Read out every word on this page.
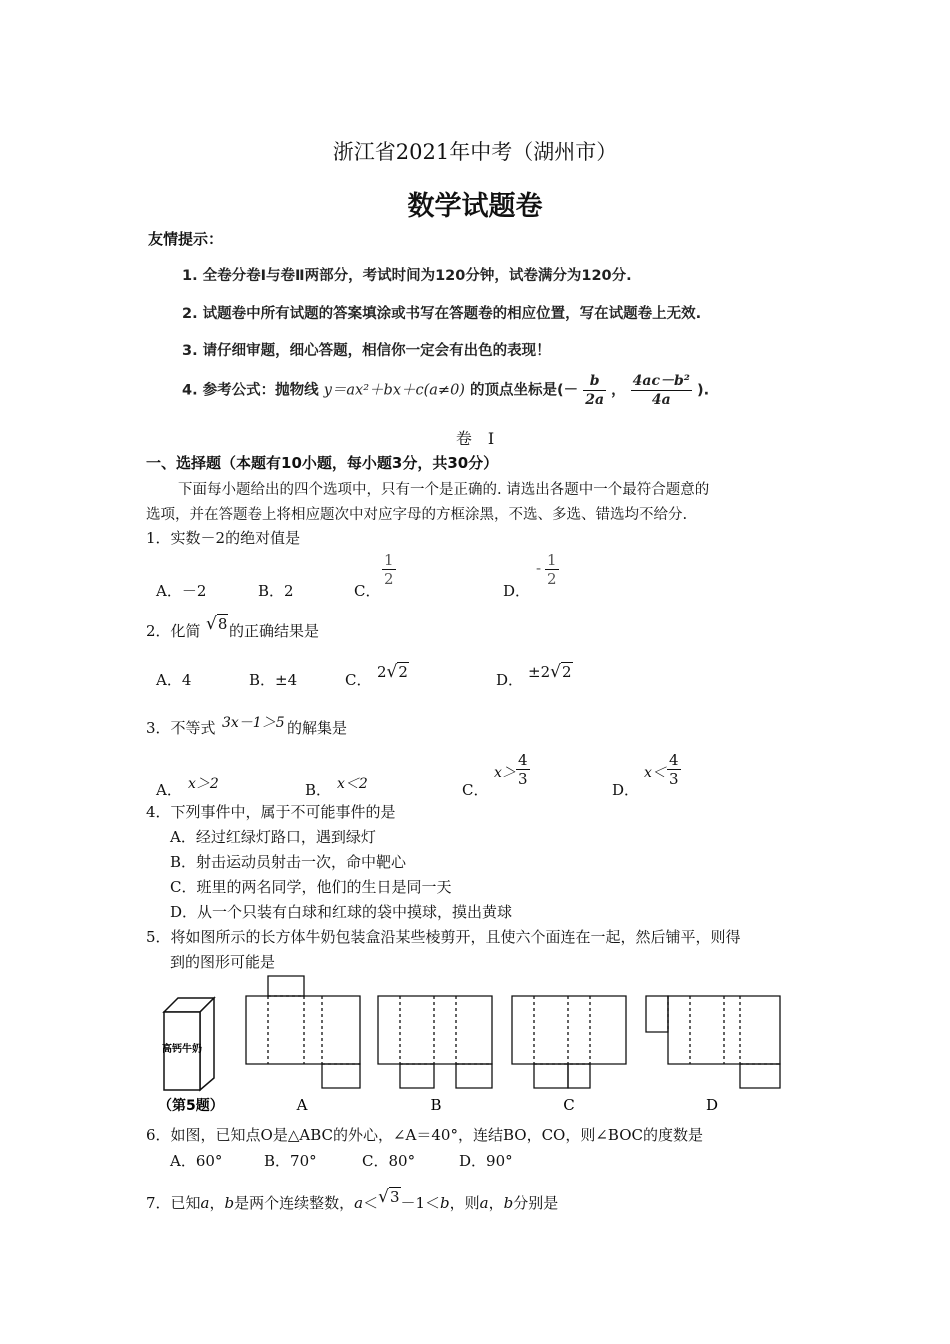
浙江省2021年中考（湖州市）
数学试题卷
友情提示：
1. 全卷分卷Ⅰ与卷Ⅱ两部分，考试时间为120分钟，试卷满分为120分.
2. 试题卷中所有试题的答案填涂或书写在答题卷的相应位置，写在试题卷上无效.
3. 请仔细审题，细心答题，相信你一定会有出色的表现！
4. 参考公式：抛物线 y＝ax²＋bx＋c(a≠0) 的顶点坐标是(－ $\frac{b}{2a}$ ， $\frac{\text{4ac－b²}}{4a}$ ).
卷　Ⅰ
一、选择题（本题有10小题，每小题3分，共30分）
下面每小题给出的四个选项中，只有一个是正确的. 请选出各题中一个最符合题意的
选项，并在答题卷上将相应题次中对应字母的方框涂黑，不选、多选、错选均不给分.
1．实数－2的绝对值是
A．－2	B．2	C．
$\frac{1}{2}$
D．
- $\frac{1}{2}$
2．化简 √8 的正确结果是
A．4	B．±4	C． 2√2	D． ±2√2
3．不等式 3x－1＞5 的解集是
A． x＞2	B． x＜2	C．
$x> \frac{4}{3}$
D．
$x< \frac{4}{3}$
4．下列事件中，属于不可能事件的是
A．经过红绿灯路口，遇到绿灯
B．射击运动员射击一次，命中靶心
C．班里的两名同学，他们的生日是同一天
D．从一个只装有白球和红球的袋中摸球，摸出黄球
5．将如图所示的长方体牛奶包装盒沿某些棱剪开，且使六个面连在一起，然后铺平，则得
到的图形可能是
高钙牛奶
（第5题）	A	B	C	D
6．如图，已知点O是△ABC的外心，∠A＝40°，连结BO，CO，则∠BOC的度数是
A．60°	B．70°	C．80°	D．90°
7．已知a，b是两个连续整数，a＜√3－1＜b，则a，b分别是
